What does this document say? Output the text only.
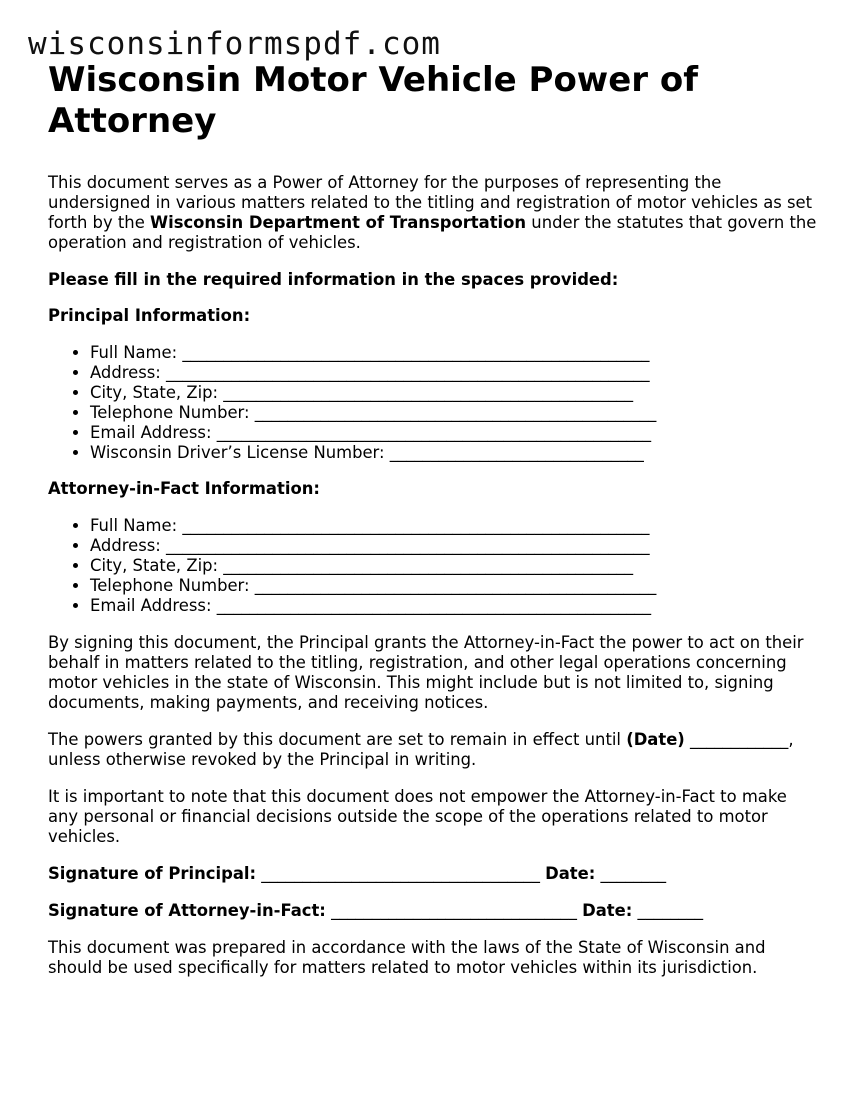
wisconsinformspdf.com
Wisconsin Motor Vehicle Power of Attorney

This document serves as a Power of Attorney for the purposes of representing the undersigned in various matters related to the titling and registration of motor vehicles as set forth by the Wisconsin Department of Transportation under the statutes that govern the operation and registration of vehicles.

Please fill in the required information in the spaces provided:

Principal Information:

• Full Name: _________________________________________________________
• Address: ___________________________________________________________
• City, State, Zip: __________________________________________________
• Telephone Number: _________________________________________________
• Email Address: _____________________________________________________
• Wisconsin Driver’s License Number: _______________________________

Attorney-in-Fact Information:

• Full Name: _________________________________________________________
• Address: ___________________________________________________________
• City, State, Zip: __________________________________________________
• Telephone Number: _________________________________________________
• Email Address: _____________________________________________________

By signing this document, the Principal grants the Attorney-in-Fact the power to act on their behalf in matters related to the titling, registration, and other legal operations concerning motor vehicles in the state of Wisconsin. This might include but is not limited to, signing documents, making payments, and receiving notices.

The powers granted by this document are set to remain in effect until (Date) ____________, unless otherwise revoked by the Principal in writing.

It is important to note that this document does not empower the Attorney-in-Fact to make any personal or financial decisions outside the scope of the operations related to motor vehicles.

Signature of Principal: __________________________________ Date: ________
Signature of Attorney-in-Fact: ______________________________ Date: ________

This document was prepared in accordance with the laws of the State of Wisconsin and should be used specifically for matters related to motor vehicles within its jurisdiction.
